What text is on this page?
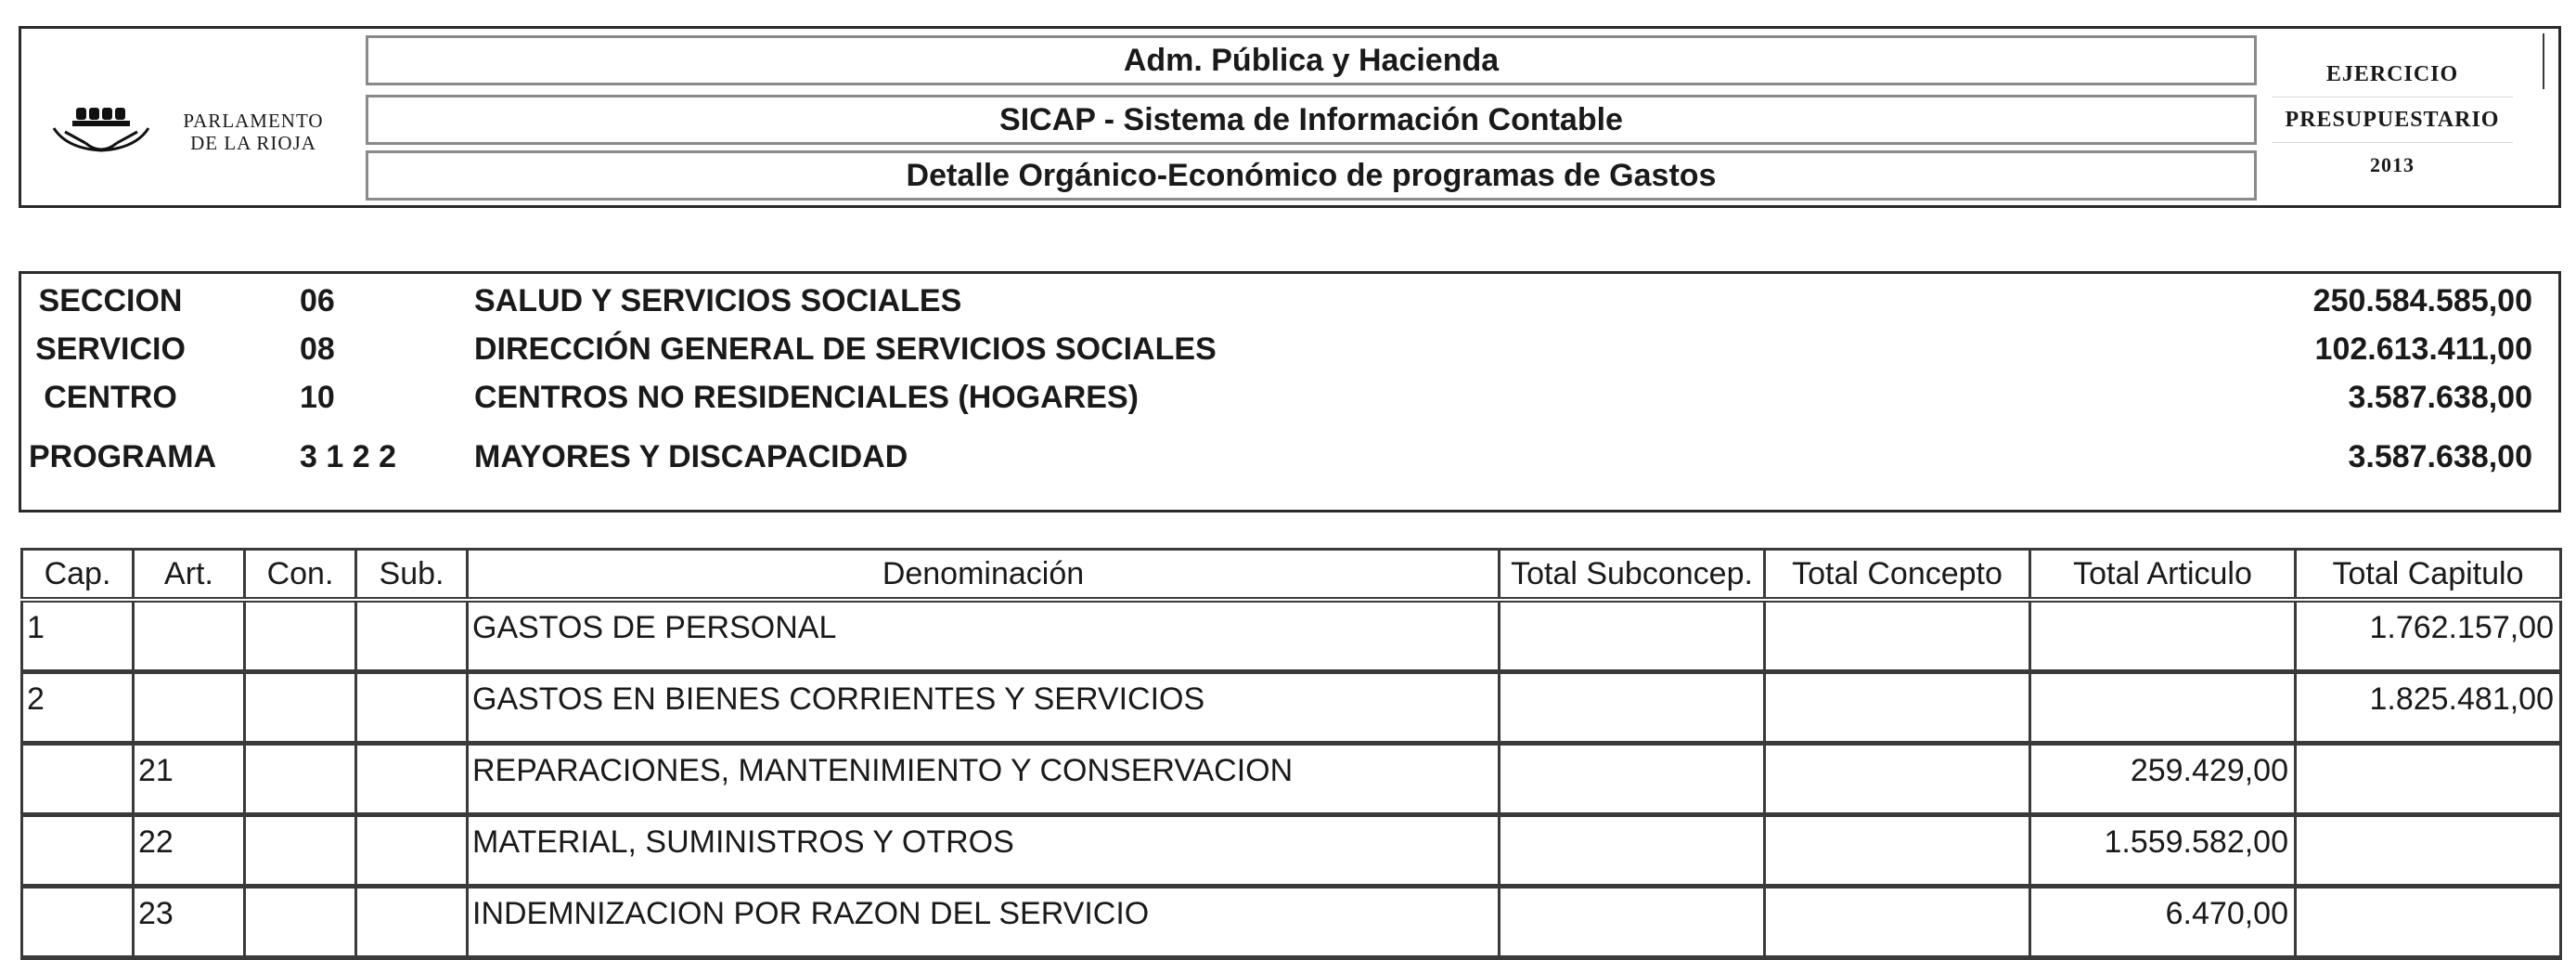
PARLAMENTO
DE LA RIOJA
Adm. Pública y Hacienda
SICAP - Sistema de Información Contable
Detalle Orgánico-Económico de programas de Gastos
EJERCICIO
PRESUPUESTARIO
2013
SECCION	06	SALUD Y SERVICIOS SOCIALES	250.584.585,00
SERVICIO	08	DIRECCIÓN GENERAL DE SERVICIOS SOCIALES	102.613.411,00
CENTRO	10	CENTROS NO RESIDENCIALES (HOGARES)	3.587.638,00
PROGRAMA	3 1 2 2 MAYORES Y DISCAPACIDAD	3.587.638,00
Cap.	Art.	Con.	Sub.	Denominación	Total Subconcep.	Total Concepto	Total Articulo	Total Capitulo
1				GASTOS DE PERSONAL				1.762.157,00
2				GASTOS EN BIENES CORRIENTES Y SERVICIOS				1.825.481,00
	21			REPARACIONES, MANTENIMIENTO Y CONSERVACION			259.429,00	
	22			MATERIAL, SUMINISTROS Y OTROS			1.559.582,00	
	23			INDEMNIZACION POR RAZON DEL SERVICIO			6.470,00	
